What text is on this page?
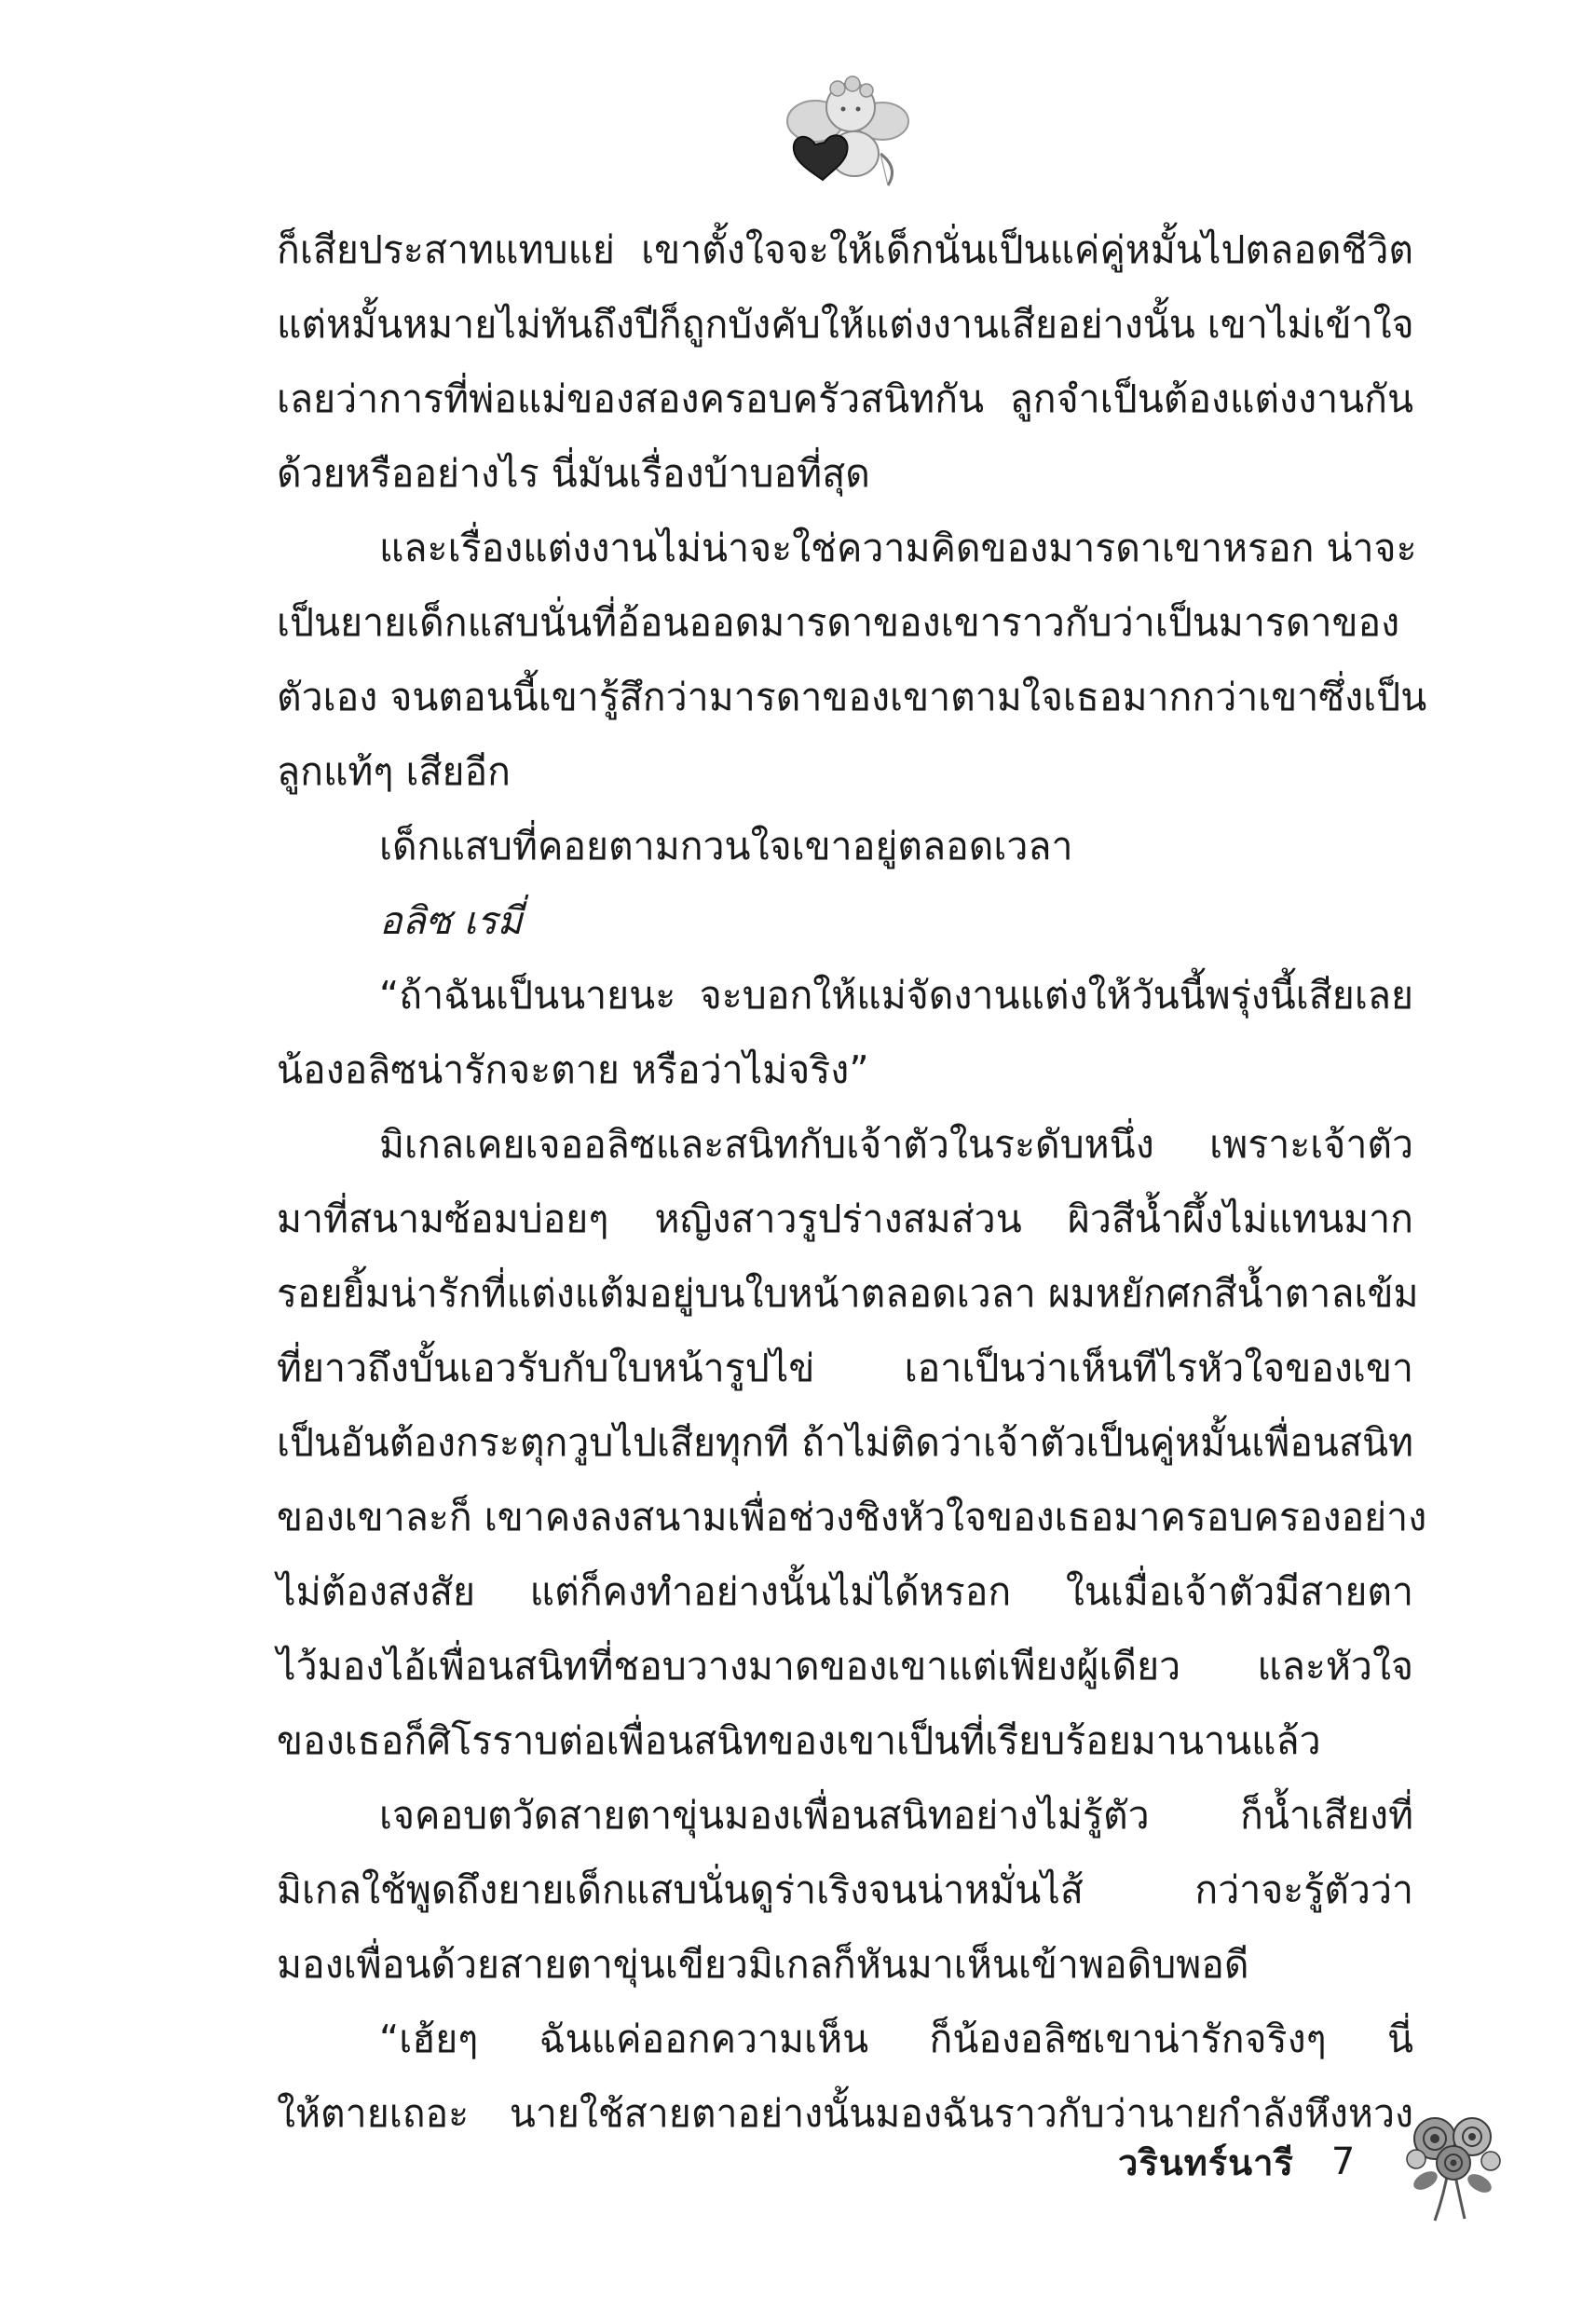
ก็เสียประสาทแทบแย่ เขาตั้งใจจะให้เด็กนั่นเป็นแค่คู่หมั้นไปตลอดชีวิต
แต่หมั้นหมายไม่ทันถึงปีก็ถูกบังคับให้แต่งงานเสียอย่างนั้น เขาไม่เข้าใจ
เลยว่าการที่พ่อแม่ของสองครอบครัวสนิทกัน ลูกจำเป็นต้องแต่งงานกัน
ด้วยหรืออย่างไร นี่มันเรื่องบ้าบอที่สุด
และเรื่องแต่งงานไม่น่าจะใช่ความคิดของมารดาเขาหรอก น่าจะ
เป็นยายเด็กแสบนั่นที่อ้อนออดมารดาของเขาราวกับว่าเป็นมารดาของ
ตัวเอง จนตอนนี้เขารู้สึกว่ามารดาของเขาตามใจเธอมากกว่าเขาซึ่งเป็น
ลูกแท้ๆ เสียอีก
เด็กแสบที่คอยตามกวนใจเขาอยู่ตลอดเวลา
อลิซ เรมี่
“ถ้าฉันเป็นนายนะ จะบอกให้แม่จัดงานแต่งให้วันนี้พรุ่งนี้เสียเลย
น้องอลิซน่ารักจะตาย หรือว่าไม่จริง”
มิเกลเคยเจออลิซและสนิทกับเจ้าตัวในระดับหนึ่ง เพราะเจ้าตัว
มาที่สนามซ้อมบ่อยๆ หญิงสาวรูปร่างสมส่วน ผิวสีน้ำผึ้งไม่แทนมาก
รอยยิ้มน่ารักที่แต่งแต้มอยู่บนใบหน้าตลอดเวลา ผมหยักศกสีน้ำตาลเข้ม
ที่ยาวถึงบั้นเอวรับกับใบหน้ารูปไข่ เอาเป็นว่าเห็นทีไรหัวใจของเขา
เป็นอันต้องกระตุกวูบไปเสียทุกที ถ้าไม่ติดว่าเจ้าตัวเป็นคู่หมั้นเพื่อนสนิท
ของเขาละก็ เขาคงลงสนามเพื่อช่วงชิงหัวใจของเธอมาครอบครองอย่าง
ไม่ต้องสงสัย แต่ก็คงทำอย่างนั้นไม่ได้หรอก ในเมื่อเจ้าตัวมีสายตา
ไว้มองไอ้เพื่อนสนิทที่ชอบวางมาดของเขาแต่เพียงผู้เดียว และหัวใจ
ของเธอก็ศิโรราบต่อเพื่อนสนิทของเขาเป็นที่เรียบร้อยมานานแล้ว
เจคอบตวัดสายตาขุ่นมองเพื่อนสนิทอย่างไม่รู้ตัว ก็น้ำเสียงที่
มิเกลใช้พูดถึงยายเด็กแสบนั่นดูร่าเริงจนน่าหมั่นไส้ กว่าจะรู้ตัวว่า
มองเพื่อนด้วยสายตาขุ่นเขียวมิเกลก็หันมาเห็นเข้าพอดิบพอดี
“เฮ้ยๆ ฉันแค่ออกความเห็น ก็น้องอลิซเขาน่ารักจริงๆ นี่
ให้ตายเถอะ นายใช้สายตาอย่างนั้นมองฉันราวกับว่านายกำลังหึงหวง
วรินทร์นารี 7
